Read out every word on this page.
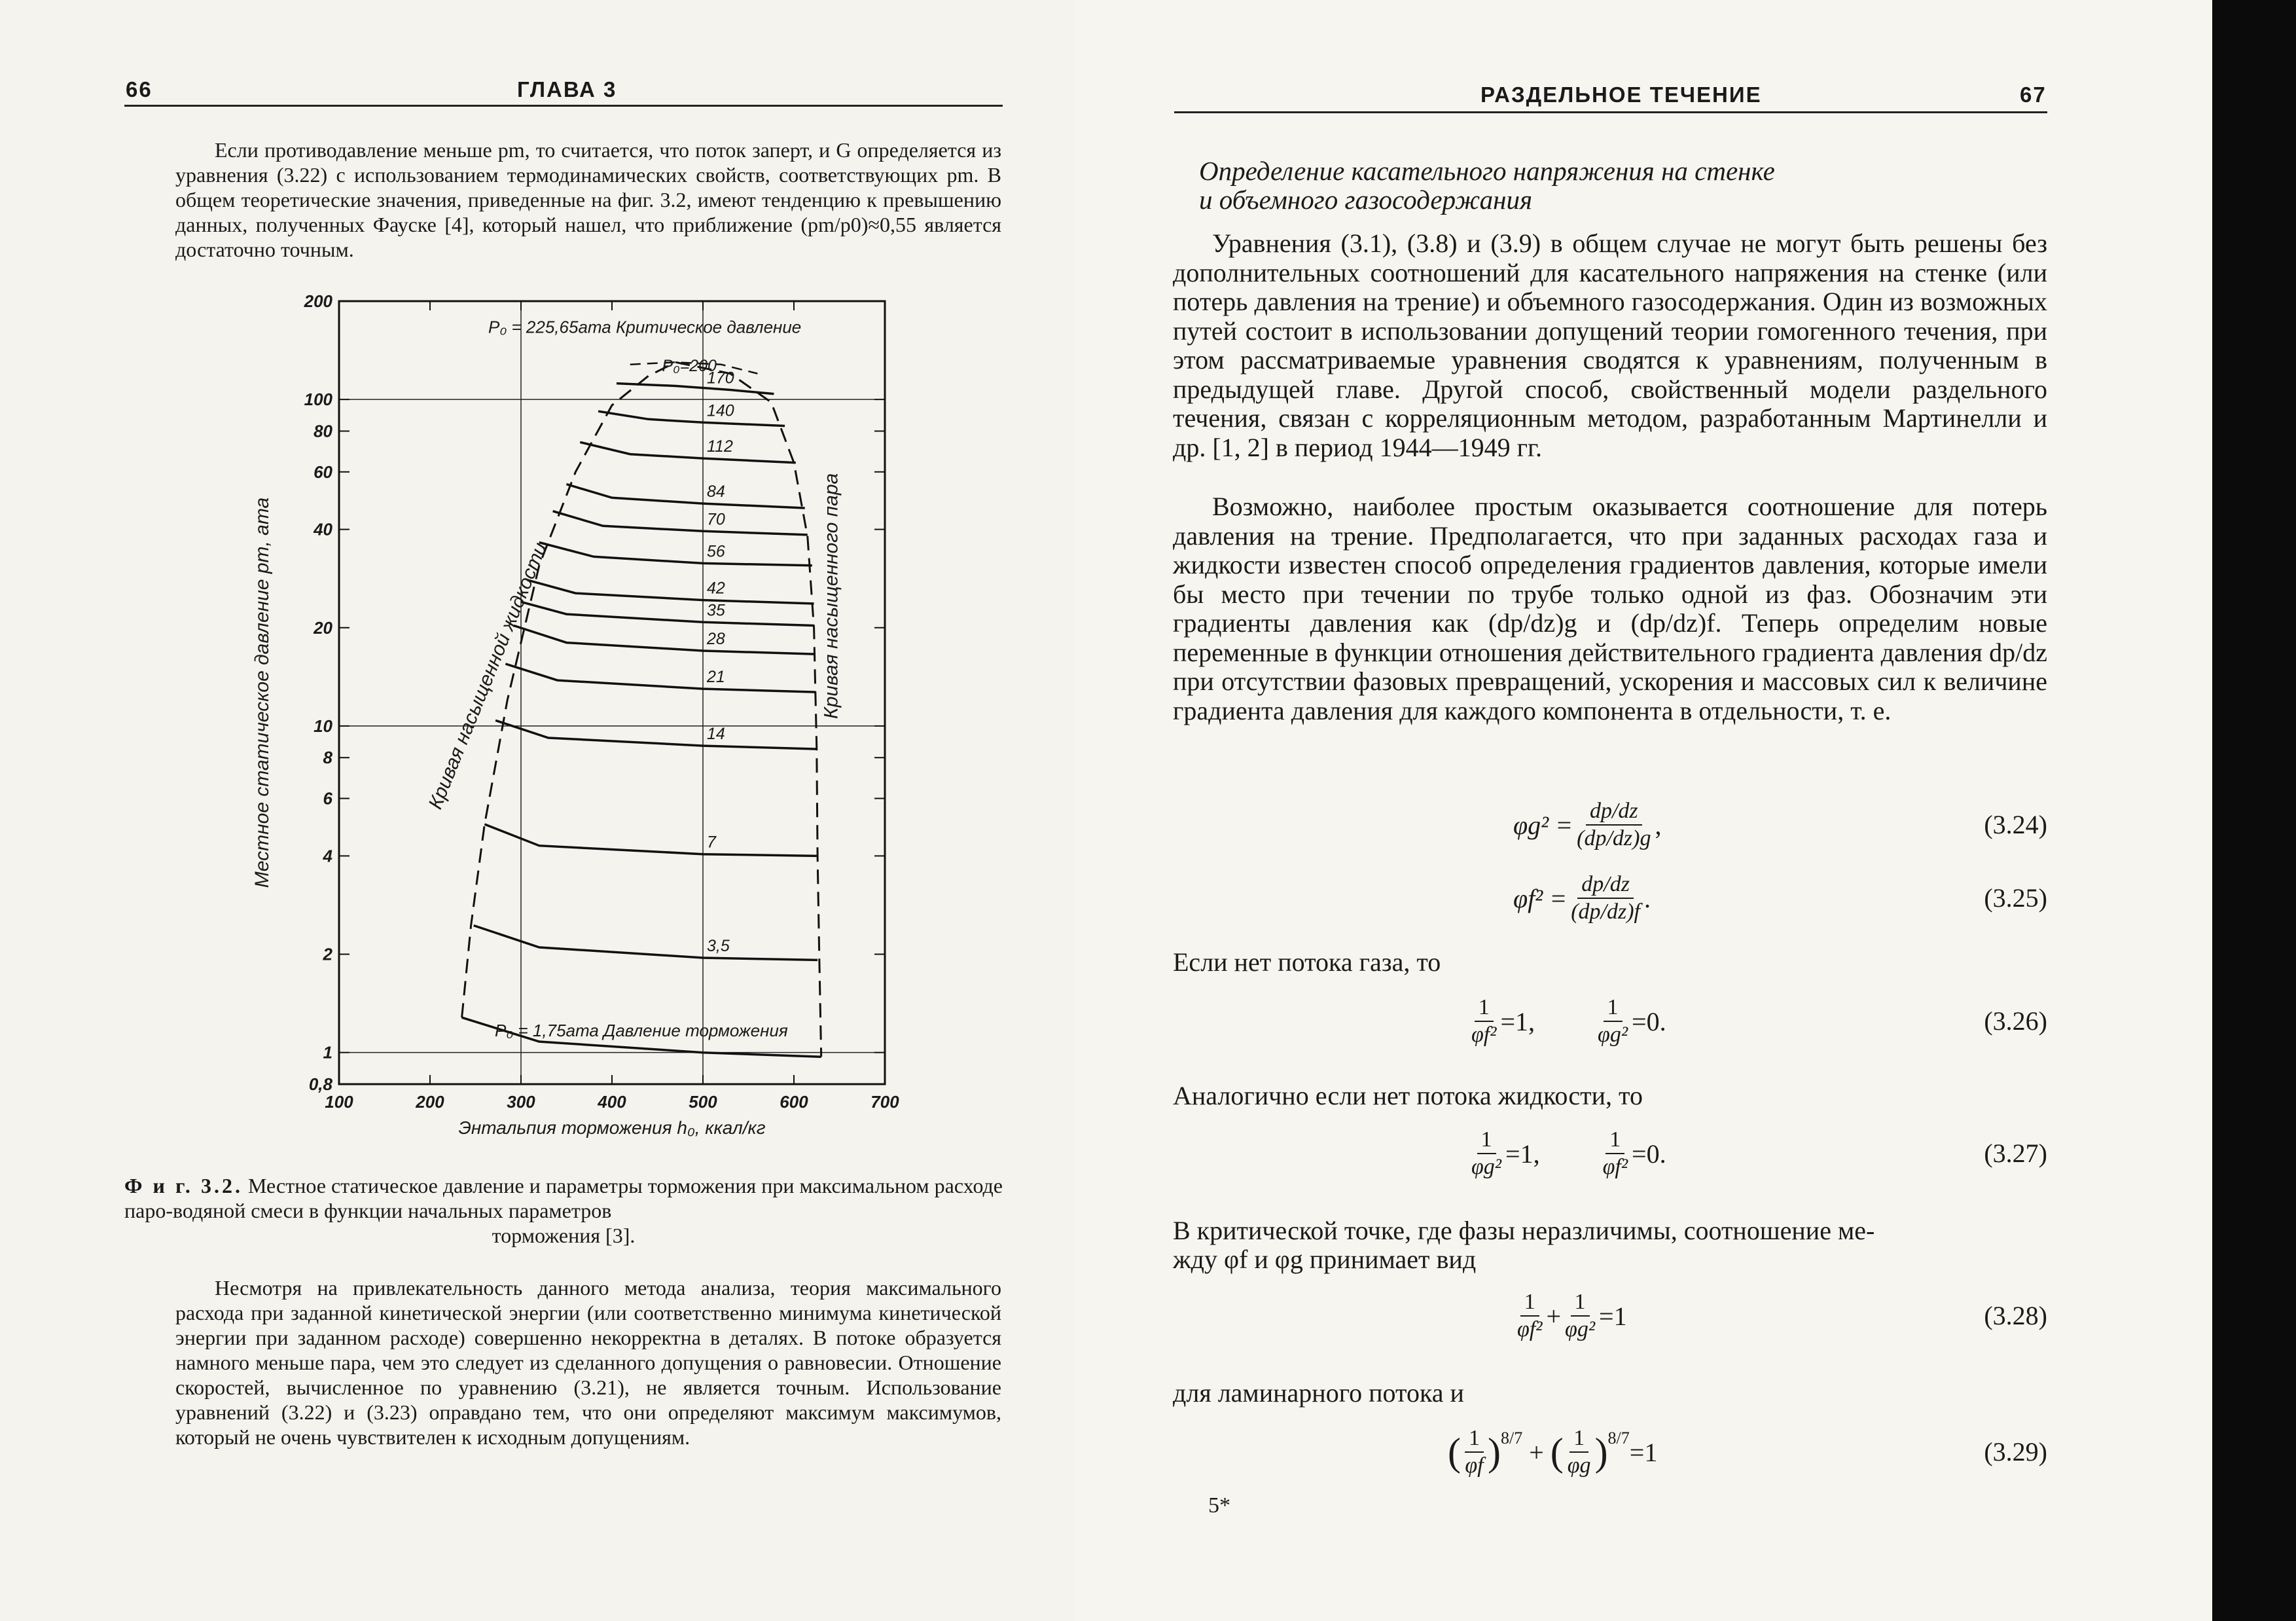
66	ГЛАВА 3

Если противодавление меньше pm, то считается, что поток заперт, и G определяется из уравнения (3.22) с использованием термодинамических свойств, соответствующих pm. В общем теоретические значения, приведенные на фиг. 3.2, имеют тенденцию к превышению данных, полученных Фауске [4], который нашел, что приближение (pm/p0)≈0,55 является достаточно точным.

100	200	300	400	500	600	700
0,8
1
2
4
6
8
10
20
40
60
80
100
200
Энтальпия торможения h₀, ккал/кг
Местное статическое давление pm, ата
170
140
112
84
70
56
42
35
28
21
14
7
3,5
P₀ = 225,65ата Критическое давление
P₀=200
P₀ = 1,75ата Давление торможения
Кривая насыщенной жидкости	Кривая насыщенного пара
Ф и г. 3.2. Местное статическое давление и параметры торможения при максимальном расходе паро-водяной смеси в функции начальных параметров
торможения [3].

Несмотря на привлекательность данного метода анализа, теория максимального расхода при заданной кинетической энергии (или соответственно минимума кинетической энергии при заданном расходе) совершенно некорректна в деталях. В потоке образуется намного меньше пара, чем это следует из сделанного допущения о равновесии. Отношение скоростей, вычисленное по уравнению (3.21), не является точным. Использование уравнений (3.22) и (3.23) оправдано тем, что они определяют максимум максимумов, который не очень чувствителен к исходным допущениям.

РАЗДЕЛЬНОЕ ТЕЧЕНИЕ	67
Определение касательного напряжения на стенке
и объемного газосодержания

Уравнения (3.1), (3.8) и (3.9) в общем случае не могут быть решены без дополнительных соотношений для касательного напряжения на стенке (или потерь давления на трение) и объемного газосодержания. Один из возможных путей состоит в использовании допущений теории гомогенного течения, при этом рассматриваемые уравнения сводятся к уравнениям, полученным в предыдущей главе. Другой способ, свойственный модели раздельного течения, связан с корреляционным методом, разработанным Мартинелли и др. [1, 2] в период 1944—1949 гг.

Возможно, наиболее простым оказывается соотношение для потерь давления на трение. Предполагается, что при заданных расходах газа и жидкости известен способ определения градиентов давления, которые имели бы место при течении по трубе только одной из фаз. Обозначим эти градиенты давления как (dp/dz)g и (dp/dz)f. Теперь определим новые переменные в функции отношения действительного градиента давления dp/dz при отсутствии фазовых превращений, ускорения и массовых сил к величине градиента давления для каждого компонента в отдельности, т. е.

$\varphi g^2 = \frac{dp/dz}{(dp/dz)g}$ ,	(3.24)
$\varphi f^2 = \frac{dp/dz}{(dp/dz)f}$ .	(3.25)
Если нет потока газа, то
$\frac{1}{\text{φf²}} =1$,	$\frac{1}{\text{φg²}} =0$.	(3.26)
Аналогично если нет потока жидкости, то
$\frac{1}{\text{φg²}} =1$,	$\frac{1}{\text{φf²}} =0$.	(3.27)
В критической точке, где фазы неразличимы, соотношение ме-
жду φf и φg принимает вид
$\frac{1}{\text{φf²}} + \frac{1}{\text{φg²}} =1$	(3.28)
для ламинарного потока и
( $\frac{1}{\varphi f} )^{8/7}$ + ( $\frac{1}{\varphi g} )^{8/7} =1$	(3.29)
5*
